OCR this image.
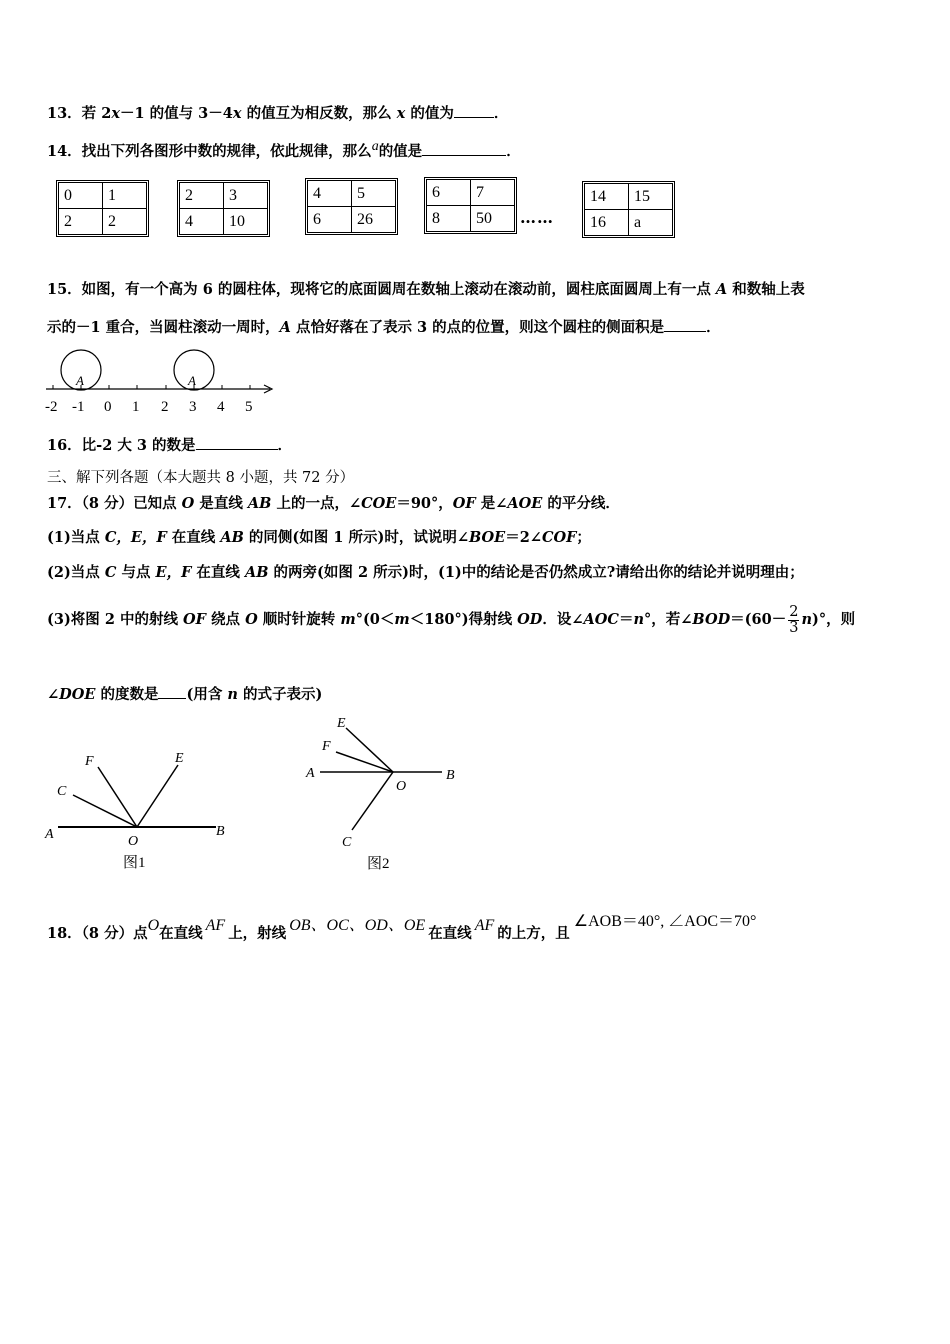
13．若 2x－1 的值与 3－4x 的值互为相反数，那么 x 的值为	．
14．找出下列各图形中数的规律，依此规律，那么a的值是	．
0	1
2	2
2	3
4	10
4	5
6	26
6	7
8	50 ……
14	15
16	a
15．如图，有一个高为 6 的圆柱体，现将它的底面圆周在数轴上滚动在滚动前，圆柱底面圆周上有一点 A 和数轴上表
示的－1 重合，当圆柱滚动一周时，A 点恰好落在了表示 3 的点的位置，则这个圆柱的侧面积是	．
A	A
-2 -1 0 1 2 3 4 5
16．比-2 大 3 的数是	．
三、解下列各题（本大题共 8 小题，共 72 分）
17．（8 分）已知点 O 是直线 AB 上的一点，∠COE＝90°，OF 是∠AOE 的平分线．
(1)当点 C，E，F 在直线 AB 的同侧(如图 1 所示)时，试说明∠BOE＝2∠COF；
(2)当点 C 与点 E，F 在直线 AB 的两旁(如图 2 所示)时，(1)中的结论是否仍然成立?请给出你的结论并说明理由；
(3)将图 2 中的射线 OF 绕点 O 顺时针旋转 m°(0＜m＜180°)得射线 OD．设∠AOC＝n°，若∠BOD＝(60－ $\frac{2}{3} n)^\circ$，则
∠DOE 的度数是 (用含 n 的式子表示)
F	E
C
A	O
B
图1
E
F
A
O
B
C
图2
18．（8 分）点O在直线 AF 上，射线 OB、OC、OD、OE 在直线 AF 的上方，且∠AOB＝40°, ∠AOC＝70°
